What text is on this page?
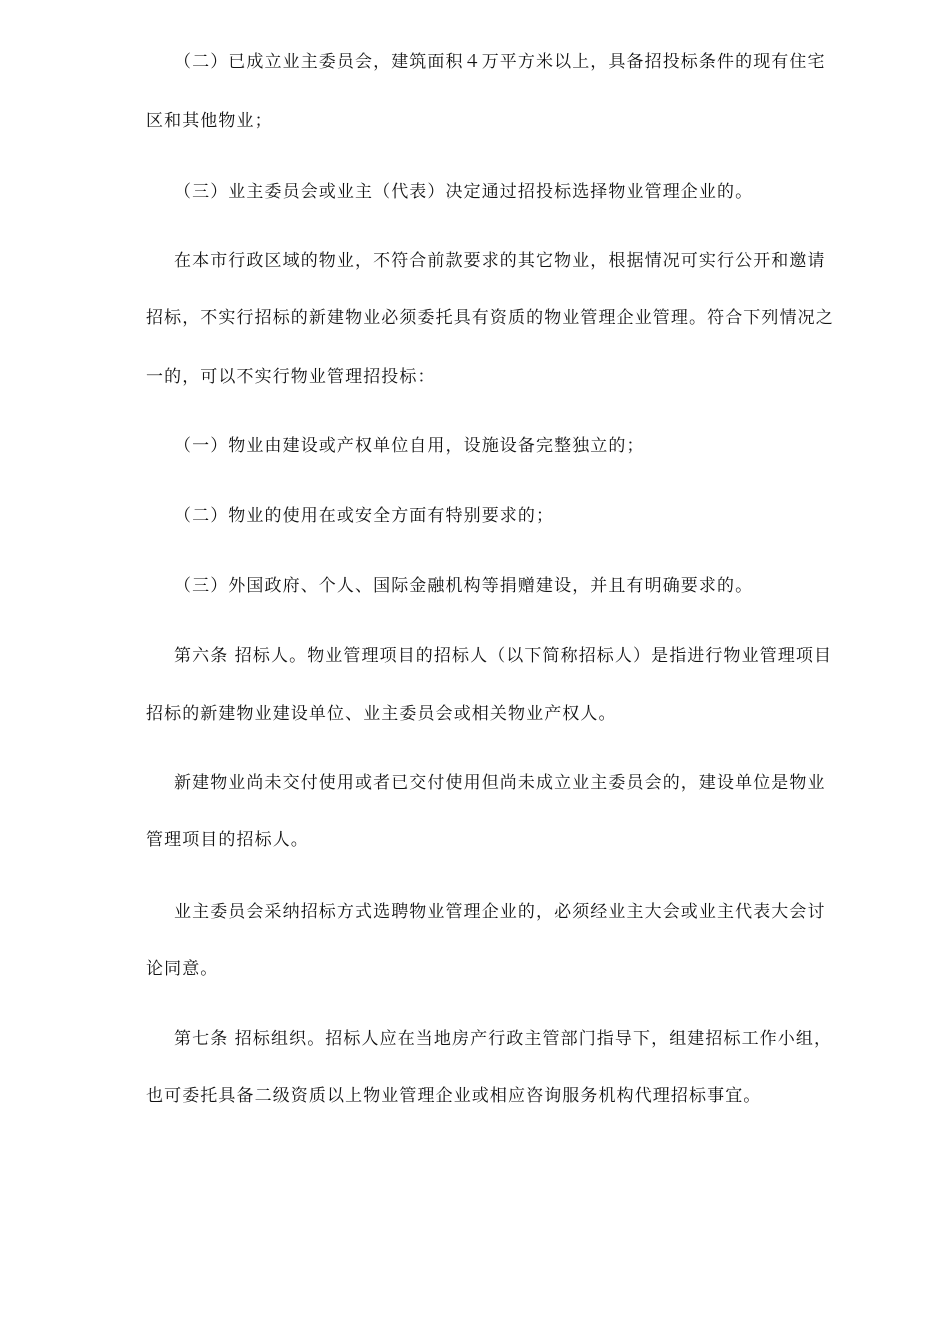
（二）已成立业主委员会，建筑面积４万平方米以上，具备招投标条件的现有住宅
区和其他物业；
（三）业主委员会或业主（代表）决定通过招投标选择物业管理企业的。
在本市行政区域的物业，不符合前款要求的其它物业，根据情况可实行公开和邀请
招标，不实行招标的新建物业必须委托具有资质的物业管理企业管理。符合下列情况之
一的，可以不实行物业管理招投标：
（一）物业由建设或产权单位自用，设施设备完整独立的；
（二）物业的使用在或安全方面有特别要求的；
（三）外国政府、个人、国际金融机构等捐赠建设，并且有明确要求的。
第六条 招标人。物业管理项目的招标人（以下简称招标人）是指进行物业管理项目
招标的新建物业建设单位、业主委员会或相关物业产权人。
新建物业尚未交付使用或者已交付使用但尚未成立业主委员会的，建设单位是物业
管理项目的招标人。
业主委员会采纳招标方式选聘物业管理企业的，必须经业主大会或业主代表大会讨
论同意。
第七条 招标组织。招标人应在当地房产行政主管部门指导下，组建招标工作小组，
也可委托具备二级资质以上物业管理企业或相应咨询服务机构代理招标事宜。
